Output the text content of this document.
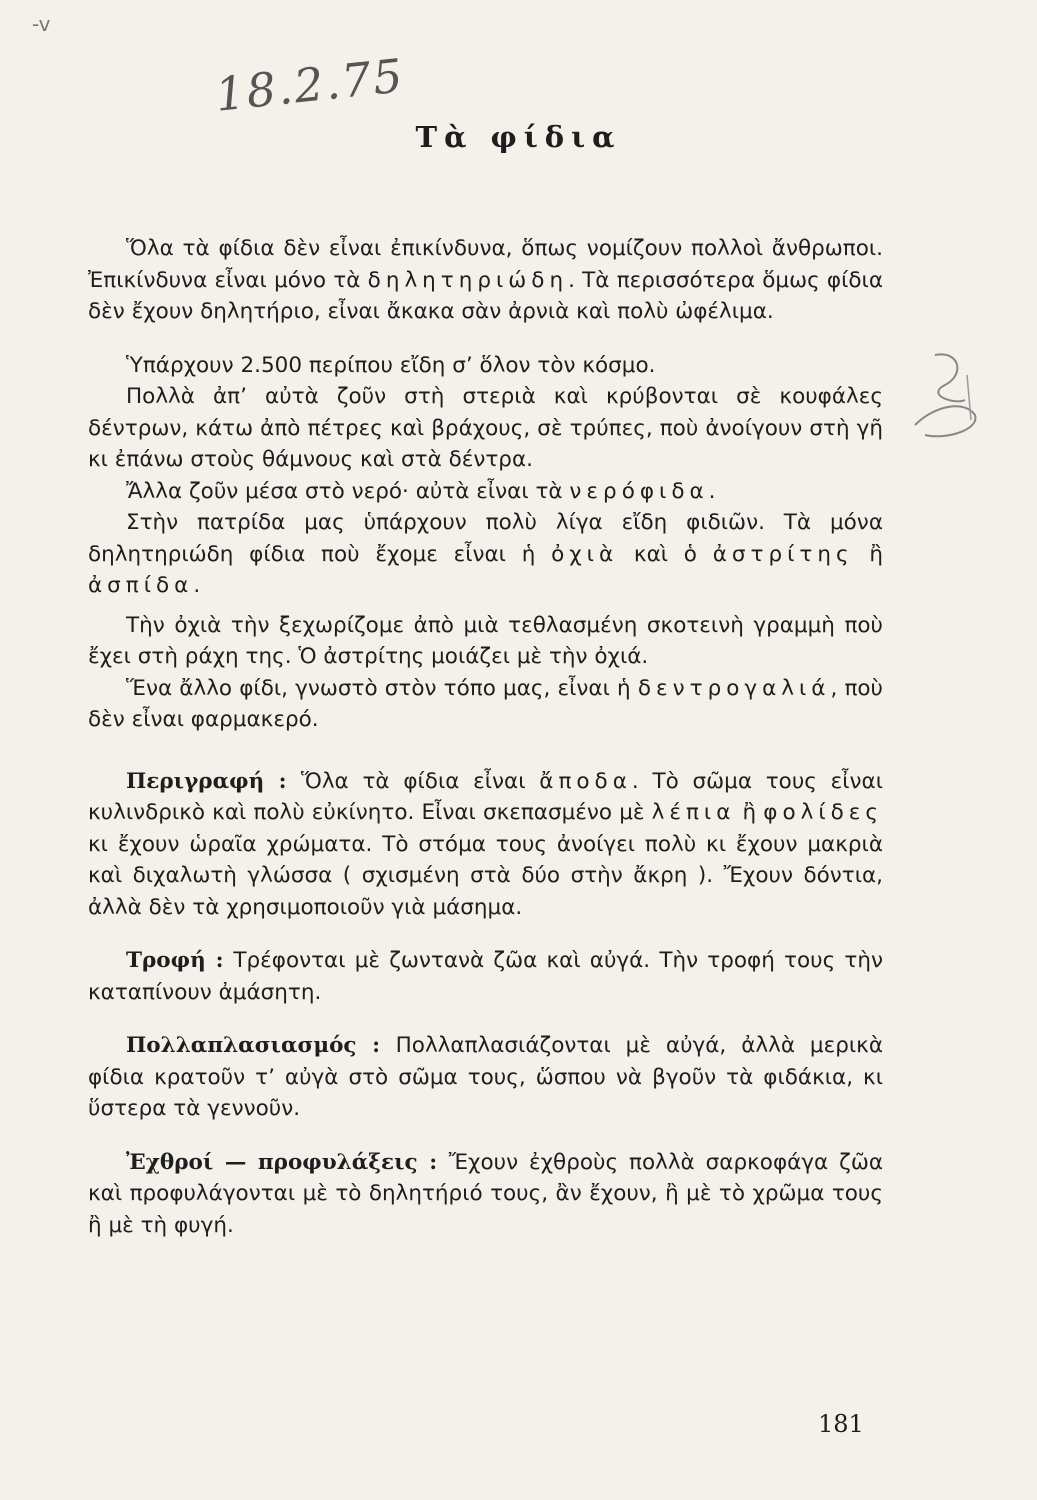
-v
18.2.75
Τὰ φίδια

Ὅλα τὰ φίδια δὲν εἶναι ἐπικίνδυνα, ὅπως νομίζουν πολλοὶ ἄνθρωποι. Ἐπικίνδυνα εἶναι μόνο τὰ δηλητηριώδη. Τὰ περισσότερα ὅμως φίδια δὲν ἔχουν δηλητήριο, εἶναι ἄκακα σὰν ἀρνιὰ καὶ πολὺ ὠφέλιμα.

Ὑπάρχουν 2.500 περίπου εἴδη σ’ ὅλον τὸν κόσμο.

Πολλὰ ἀπ’ αὐτὰ ζοῦν στὴ στεριὰ καὶ κρύβονται σὲ κουφάλες δέντρων, κάτω ἀπὸ πέτρες καὶ βράχους, σὲ τρύπες, ποὺ ἀνοίγουν στὴ γῆ κι ἐπάνω στοὺς θάμνους καὶ στὰ δέντρα.

Ἄλλα ζοῦν μέσα στὸ νερό· αὐτὰ εἶναι τὰ νερόφιδα.

Στὴν πατρίδα μας ὑπάρχουν πολὺ λίγα εἴδη φιδιῶν. Τὰ μόνα δηλητηριώδη φίδια ποὺ ἔχομε εἶναι ἡ ὀχιὰ καὶ ὁ ἀστρίτης ἢ ἀσπίδα.

Τὴν ὀχιὰ τὴν ξεχωρίζομε ἀπὸ μιὰ τεθλασμένη σκοτεινὴ γραμμὴ ποὺ ἔχει στὴ ράχη της. Ὁ ἀστρίτης μοιάζει μὲ τὴν ὀχιά.

Ἕνα ἄλλο φίδι, γνωστὸ στὸν τόπο μας, εἶναι ἡ δεντρογαλιά, ποὺ δὲν εἶναι φαρμακερό.

Περιγραφή : Ὅλα τὰ φίδια εἶναι ἄποδα. Τὸ σῶμα τους εἶναι κυλινδρικὸ καὶ πολὺ εὐκίνητο. Εἶναι σκεπασμένο μὲ λέπια ἢ φολίδες κι ἔχουν ὡραῖα χρώματα. Τὸ στόμα τους ἀνοίγει πολὺ κι ἔχουν μακριὰ καὶ διχαλωτὴ γλώσσα ( σχισμένη στὰ δύο στὴν ἄκρη ). Ἔχουν δόντια, ἀλλὰ δὲν τὰ χρησιμοποιοῦν γιὰ μάσημα.

Τροφή : Τρέφονται μὲ ζωντανὰ ζῶα καὶ αὐγά. Τὴν τροφή τους τὴν καταπίνουν ἀμάσητη.

Πολλαπλασιασμός : Πολλαπλασιάζονται μὲ αὐγά, ἀλλὰ μερικὰ φίδια κρατοῦν τ’ αὐγὰ στὸ σῶμα τους, ὥσπου νὰ βγοῦν τὰ φιδάκια, κι ὕστερα τὰ γεννοῦν.

Ἐχθροί — προφυλάξεις : Ἔχουν ἐχθροὺς πολλὰ σαρκοφάγα ζῶα καὶ προφυλάγονται μὲ τὸ δηλητήριό τους, ἂν ἔχουν, ἢ μὲ τὸ χρῶμα τους ἢ μὲ τὴ φυγή.

181
